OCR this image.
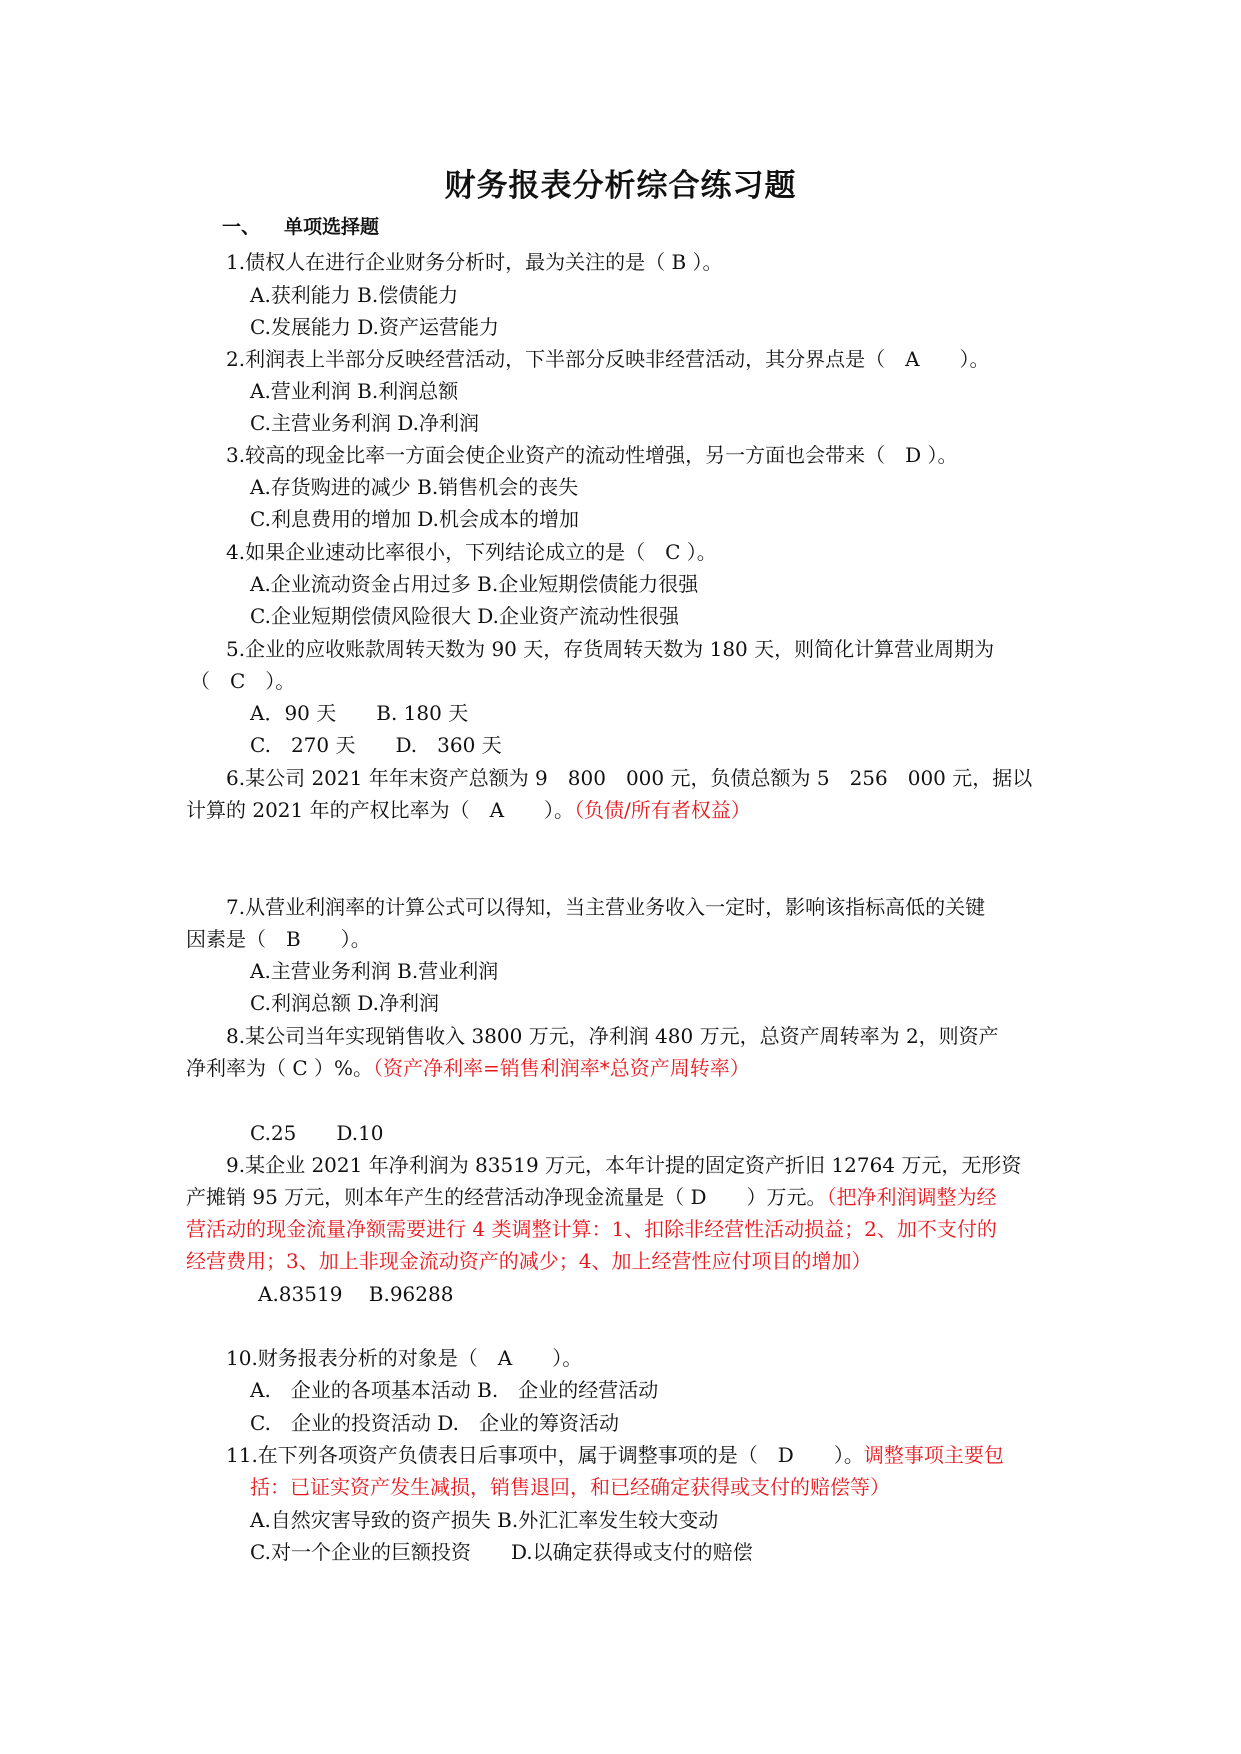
财务报表分析综合练习题
一、 单项选择题
1.债权人在进行企业财务分析时，最为关注的是（ B ）。
A.获利能力 B.偿债能力
C.发展能力 D.资产运营能力
2.利润表上半部分反映经营活动，下半部分反映非经营活动，其分界点是（　A　　）。
A.营业利润 B.利润总额
C.主营业务利润 D.净利润
3.较高的现金比率一方面会使企业资产的流动性增强，另一方面也会带来（　D ）。
A.存货购进的减少 B.销售机会的丧失
C.利息费用的增加 D.机会成本的增加
4.如果企业速动比率很小，下列结论成立的是（　C ）。
A.企业流动资金占用过多 B.企业短期偿债能力很强
C.企业短期偿债风险很大 D.企业资产流动性很强
5.企业的应收账款周转天数为 90 天，存货周转天数为 180 天，则简化计算营业周期为
（　C　）。
A．90 天　　B. 180 天
C.　270 天　　D.　360 天
6.某公司 2021 年年末资产总额为 9　800　000 元，负债总额为 5　256　000 元，据以
计算的 2021 年的产权比率为（　A　　）。（负债/所有者权益）
7.从营业利润率的计算公式可以得知，当主营业务收入一定时，影响该指标高低的关键
因素是（　B　　）。
A.主营业务利润 B.营业利润
C.利润总额 D.净利润
8.某公司当年实现销售收入 3800 万元，净利润 480 万元，总资产周转率为 2，则资产
净利率为（ C ）%。（资产净利率=销售利润率*总资产周转率）
C.25　　D.10
9.某企业 2021 年净利润为 83519 万元，本年计提的固定资产折旧 12764 万元，无形资
产摊销 95 万元，则本年产生的经营活动净现金流量是（ D　　）万元。（把净利润调整为经
营活动的现金流量净额需要进行 4 类调整计算：1、扣除非经营性活动损益；2、加不支付的
经营费用；3、加上非现金流动资产的减少；4、加上经营性应付项目的增加）
A.83519　 B.96288
10.财务报表分析的对象是（　A　　）。
A.　企业的各项基本活动 B.　企业的经营活动
C.　企业的投资活动 D.　企业的筹资活动
11.在下列各项资产负债表日后事项中，属于调整事项的是（　D　　）。调整事项主要包
括：已证实资产发生减损，销售退回，和已经确定获得或支付的赔偿等）
A.自然灾害导致的资产损失 B.外汇汇率发生较大变动
C.对一个企业的巨额投资　　D.以确定获得或支付的赔偿
